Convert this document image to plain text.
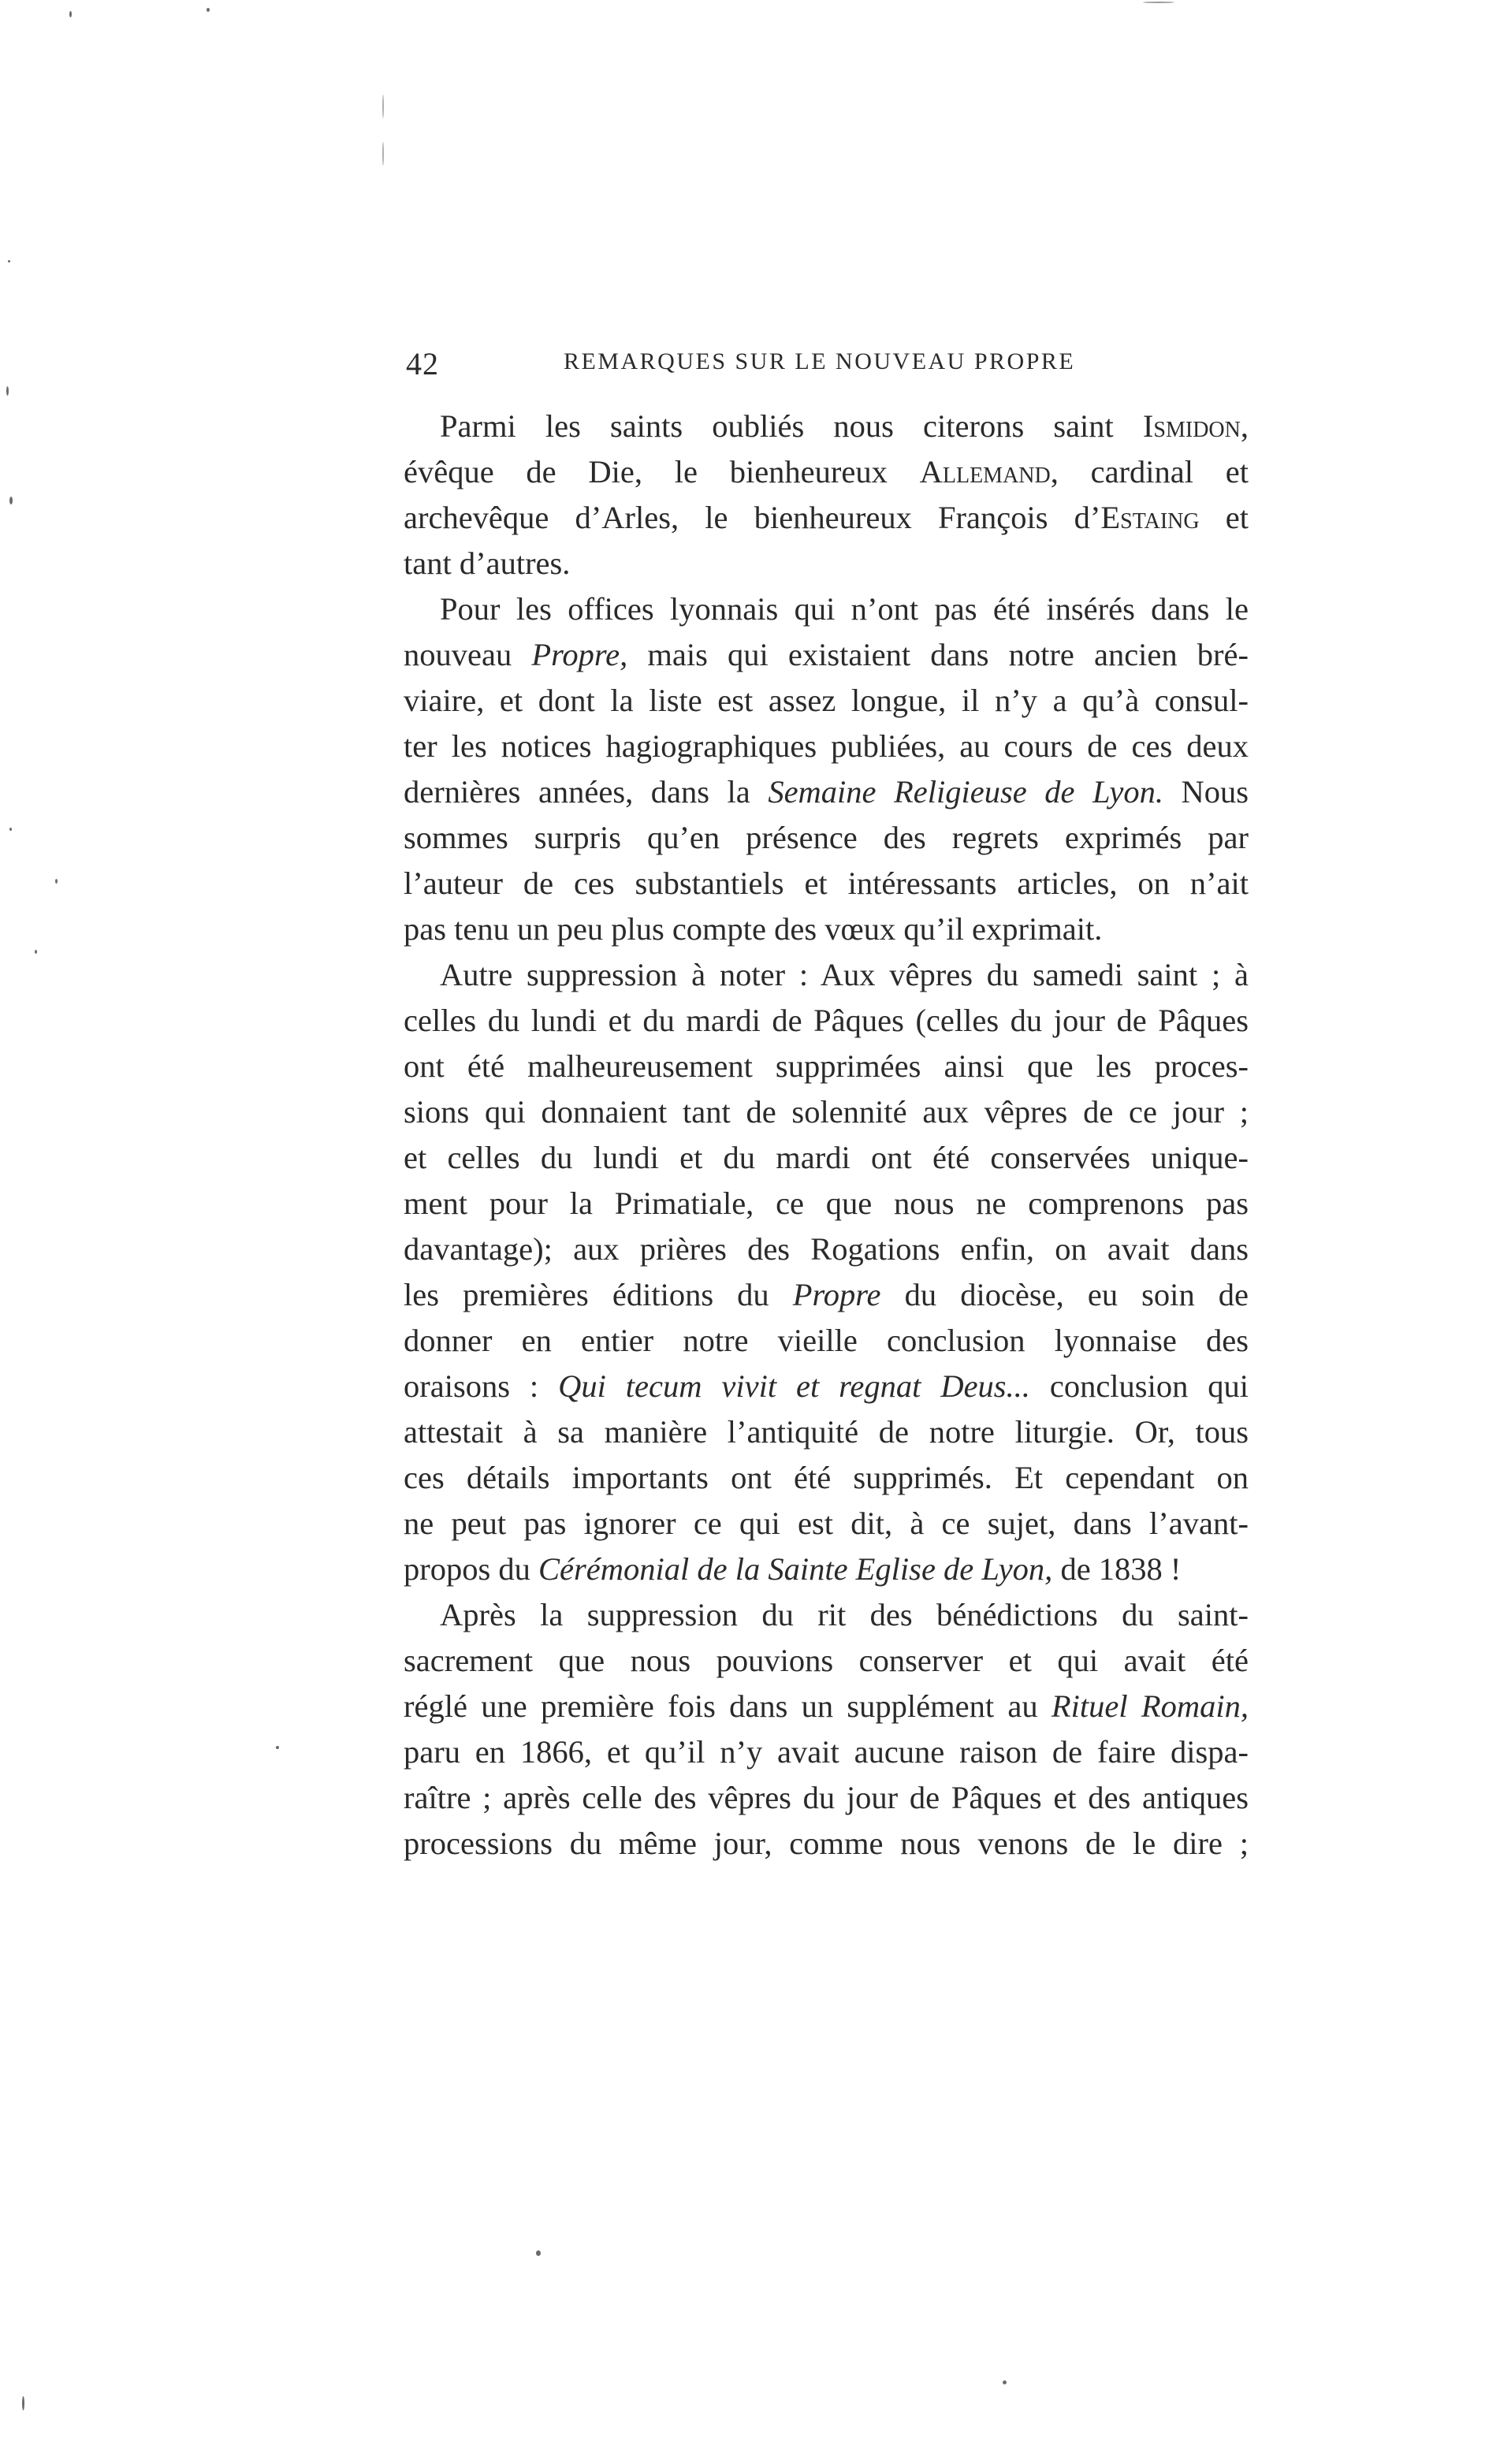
42	REMARQUES SUR LE NOUVEAU PROPRE
Parmi les saints oubliés nous citerons saint Ismidon,
évêque de Die, le bienheureux Allemand, cardinal et
archevêque d’Arles, le bienheureux François d’Estaing et
tant d’autres.
Pour les offices lyonnais qui n’ont pas été insérés dans le
nouveau Propre, mais qui existaient dans notre ancien bré-
viaire, et dont la liste est assez longue, il n’y a qu’à consul-
ter les notices hagiographiques publiées, au cours de ces deux
dernières années, dans la Semaine Religieuse de Lyon. Nous
sommes surpris qu’en présence des regrets exprimés par
l’auteur de ces substantiels et intéressants articles, on n’ait
pas tenu un peu plus compte des vœux qu’il exprimait.
Autre suppression à noter : Aux vêpres du samedi saint ; à
celles du lundi et du mardi de Pâques (celles du jour de Pâques
ont été malheureusement supprimées ainsi que les proces-
sions qui donnaient tant de solennité aux vêpres de ce jour ;
et celles du lundi et du mardi ont été conservées unique-
ment pour la Primatiale, ce que nous ne comprenons pas
davantage); aux prières des Rogations enfin, on avait dans
les premières éditions du Propre du diocèse, eu soin de
donner en entier notre vieille conclusion lyonnaise des
oraisons : Qui tecum vivit et regnat Deus... conclusion qui
attestait à sa manière l’antiquité de notre liturgie. Or, tous
ces détails importants ont été supprimés. Et cependant on
ne peut pas ignorer ce qui est dit, à ce sujet, dans l’avant-
propos du Cérémonial de la Sainte Eglise de Lyon, de 1838 !
Après la suppression du rit des bénédictions du saint-
sacrement que nous pouvions conserver et qui avait été
réglé une première fois dans un supplément au Rituel Romain,
paru en 1866, et qu’il n’y avait aucune raison de faire dispa-
raître ; après celle des vêpres du jour de Pâques et des antiques
processions du même jour, comme nous venons de le dire ;
